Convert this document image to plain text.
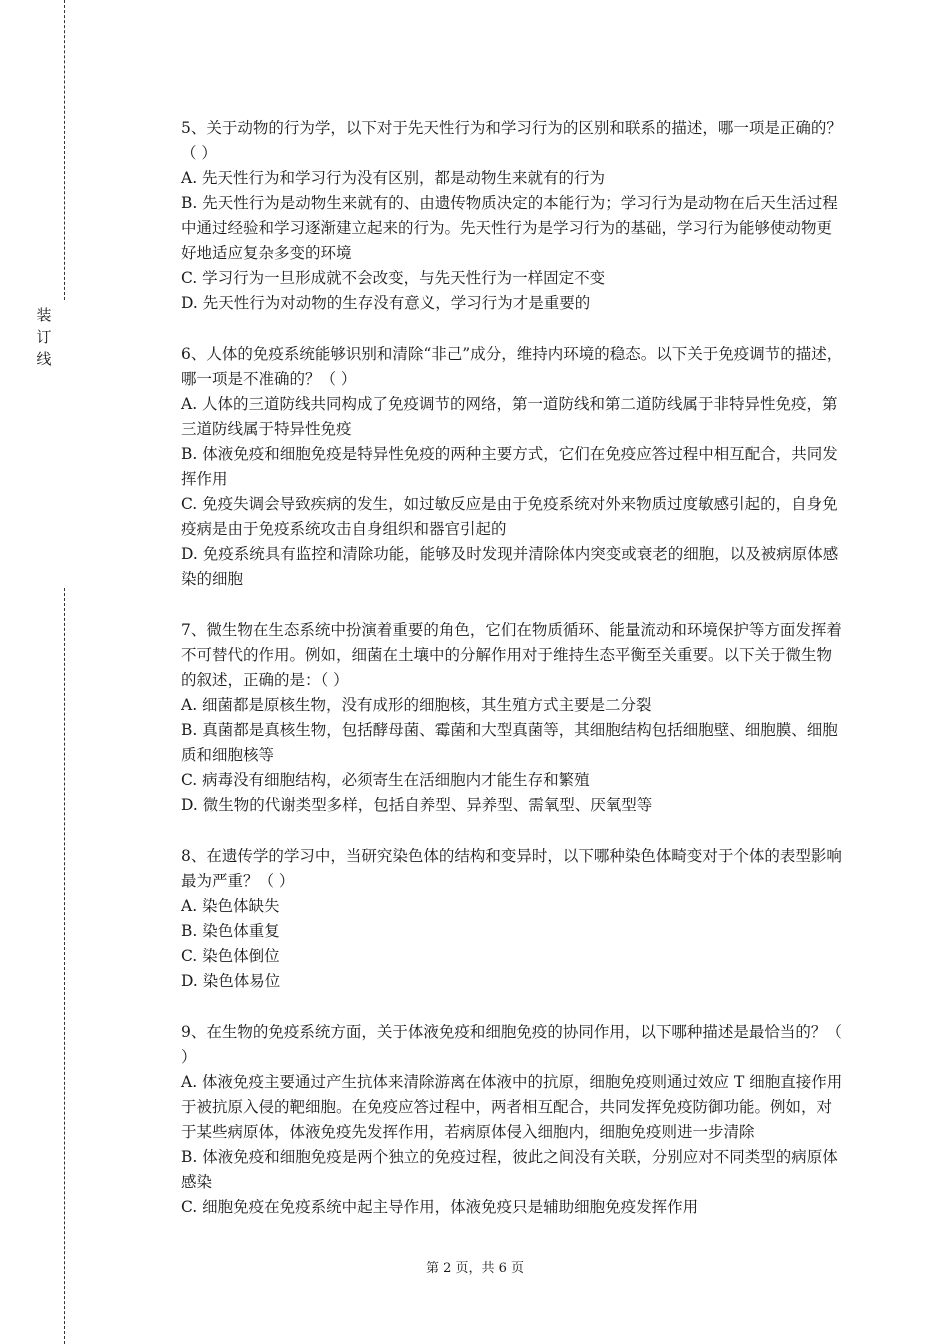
装订线
5、关于动物的行为学，以下对于先天性行为和学习行为的区别和联系的描述，哪一项是正确的？（ ）
A. 先天性行为和学习行为没有区别，都是动物生来就有的行为
B. 先天性行为是动物生来就有的、由遗传物质决定的本能行为；学习行为是动物在后天生活过程中通过经验和学习逐渐建立起来的行为。先天性行为是学习行为的基础，学习行为能够使动物更好地适应复杂多变的环境
C. 学习行为一旦形成就不会改变，与先天性行为一样固定不变
D. 先天性行为对动物的生存没有意义，学习行为才是重要的
6、人体的免疫系统能够识别和清除“非己”成分，维持内环境的稳态。以下关于免疫调节的描述，哪一项是不准确的？（ ）
A. 人体的三道防线共同构成了免疫调节的网络，第一道防线和第二道防线属于非特异性免疫，第三道防线属于特异性免疫
B. 体液免疫和细胞免疫是特异性免疫的两种主要方式，它们在免疫应答过程中相互配合，共同发挥作用
C. 免疫失调会导致疾病的发生，如过敏反应是由于免疫系统对外来物质过度敏感引起的，自身免疫病是由于免疫系统攻击自身组织和器官引起的
D. 免疫系统具有监控和清除功能，能够及时发现并清除体内突变或衰老的细胞，以及被病原体感染的细胞
7、微生物在生态系统中扮演着重要的角色，它们在物质循环、能量流动和环境保护等方面发挥着不可替代的作用。例如，细菌在土壤中的分解作用对于维持生态平衡至关重要。以下关于微生物的叙述，正确的是：（ ）
A. 细菌都是原核生物，没有成形的细胞核，其生殖方式主要是二分裂
B. 真菌都是真核生物，包括酵母菌、霉菌和大型真菌等，其细胞结构包括细胞壁、细胞膜、细胞质和细胞核等
C. 病毒没有细胞结构，必须寄生在活细胞内才能生存和繁殖
D. 微生物的代谢类型多样，包括自养型、异养型、需氧型、厌氧型等
8、在遗传学的学习中，当研究染色体的结构和变异时，以下哪种染色体畸变对于个体的表型影响最为严重？（ ）
A. 染色体缺失
B. 染色体重复
C. 染色体倒位
D. 染色体易位
9、在生物的免疫系统方面，关于体液免疫和细胞免疫的协同作用，以下哪种描述是最恰当的？（ ）
A. 体液免疫主要通过产生抗体来清除游离在体液中的抗原，细胞免疫则通过效应 T 细胞直接作用于被抗原入侵的靶细胞。在免疫应答过程中，两者相互配合，共同发挥免疫防御功能。例如，对于某些病原体，体液免疫先发挥作用，若病原体侵入细胞内，细胞免疫则进一步清除
B. 体液免疫和细胞免疫是两个独立的免疫过程，彼此之间没有关联，分别应对不同类型的病原体感染
C. 细胞免疫在免疫系统中起主导作用，体液免疫只是辅助细胞免疫发挥作用
第 2 页，共 6 页
